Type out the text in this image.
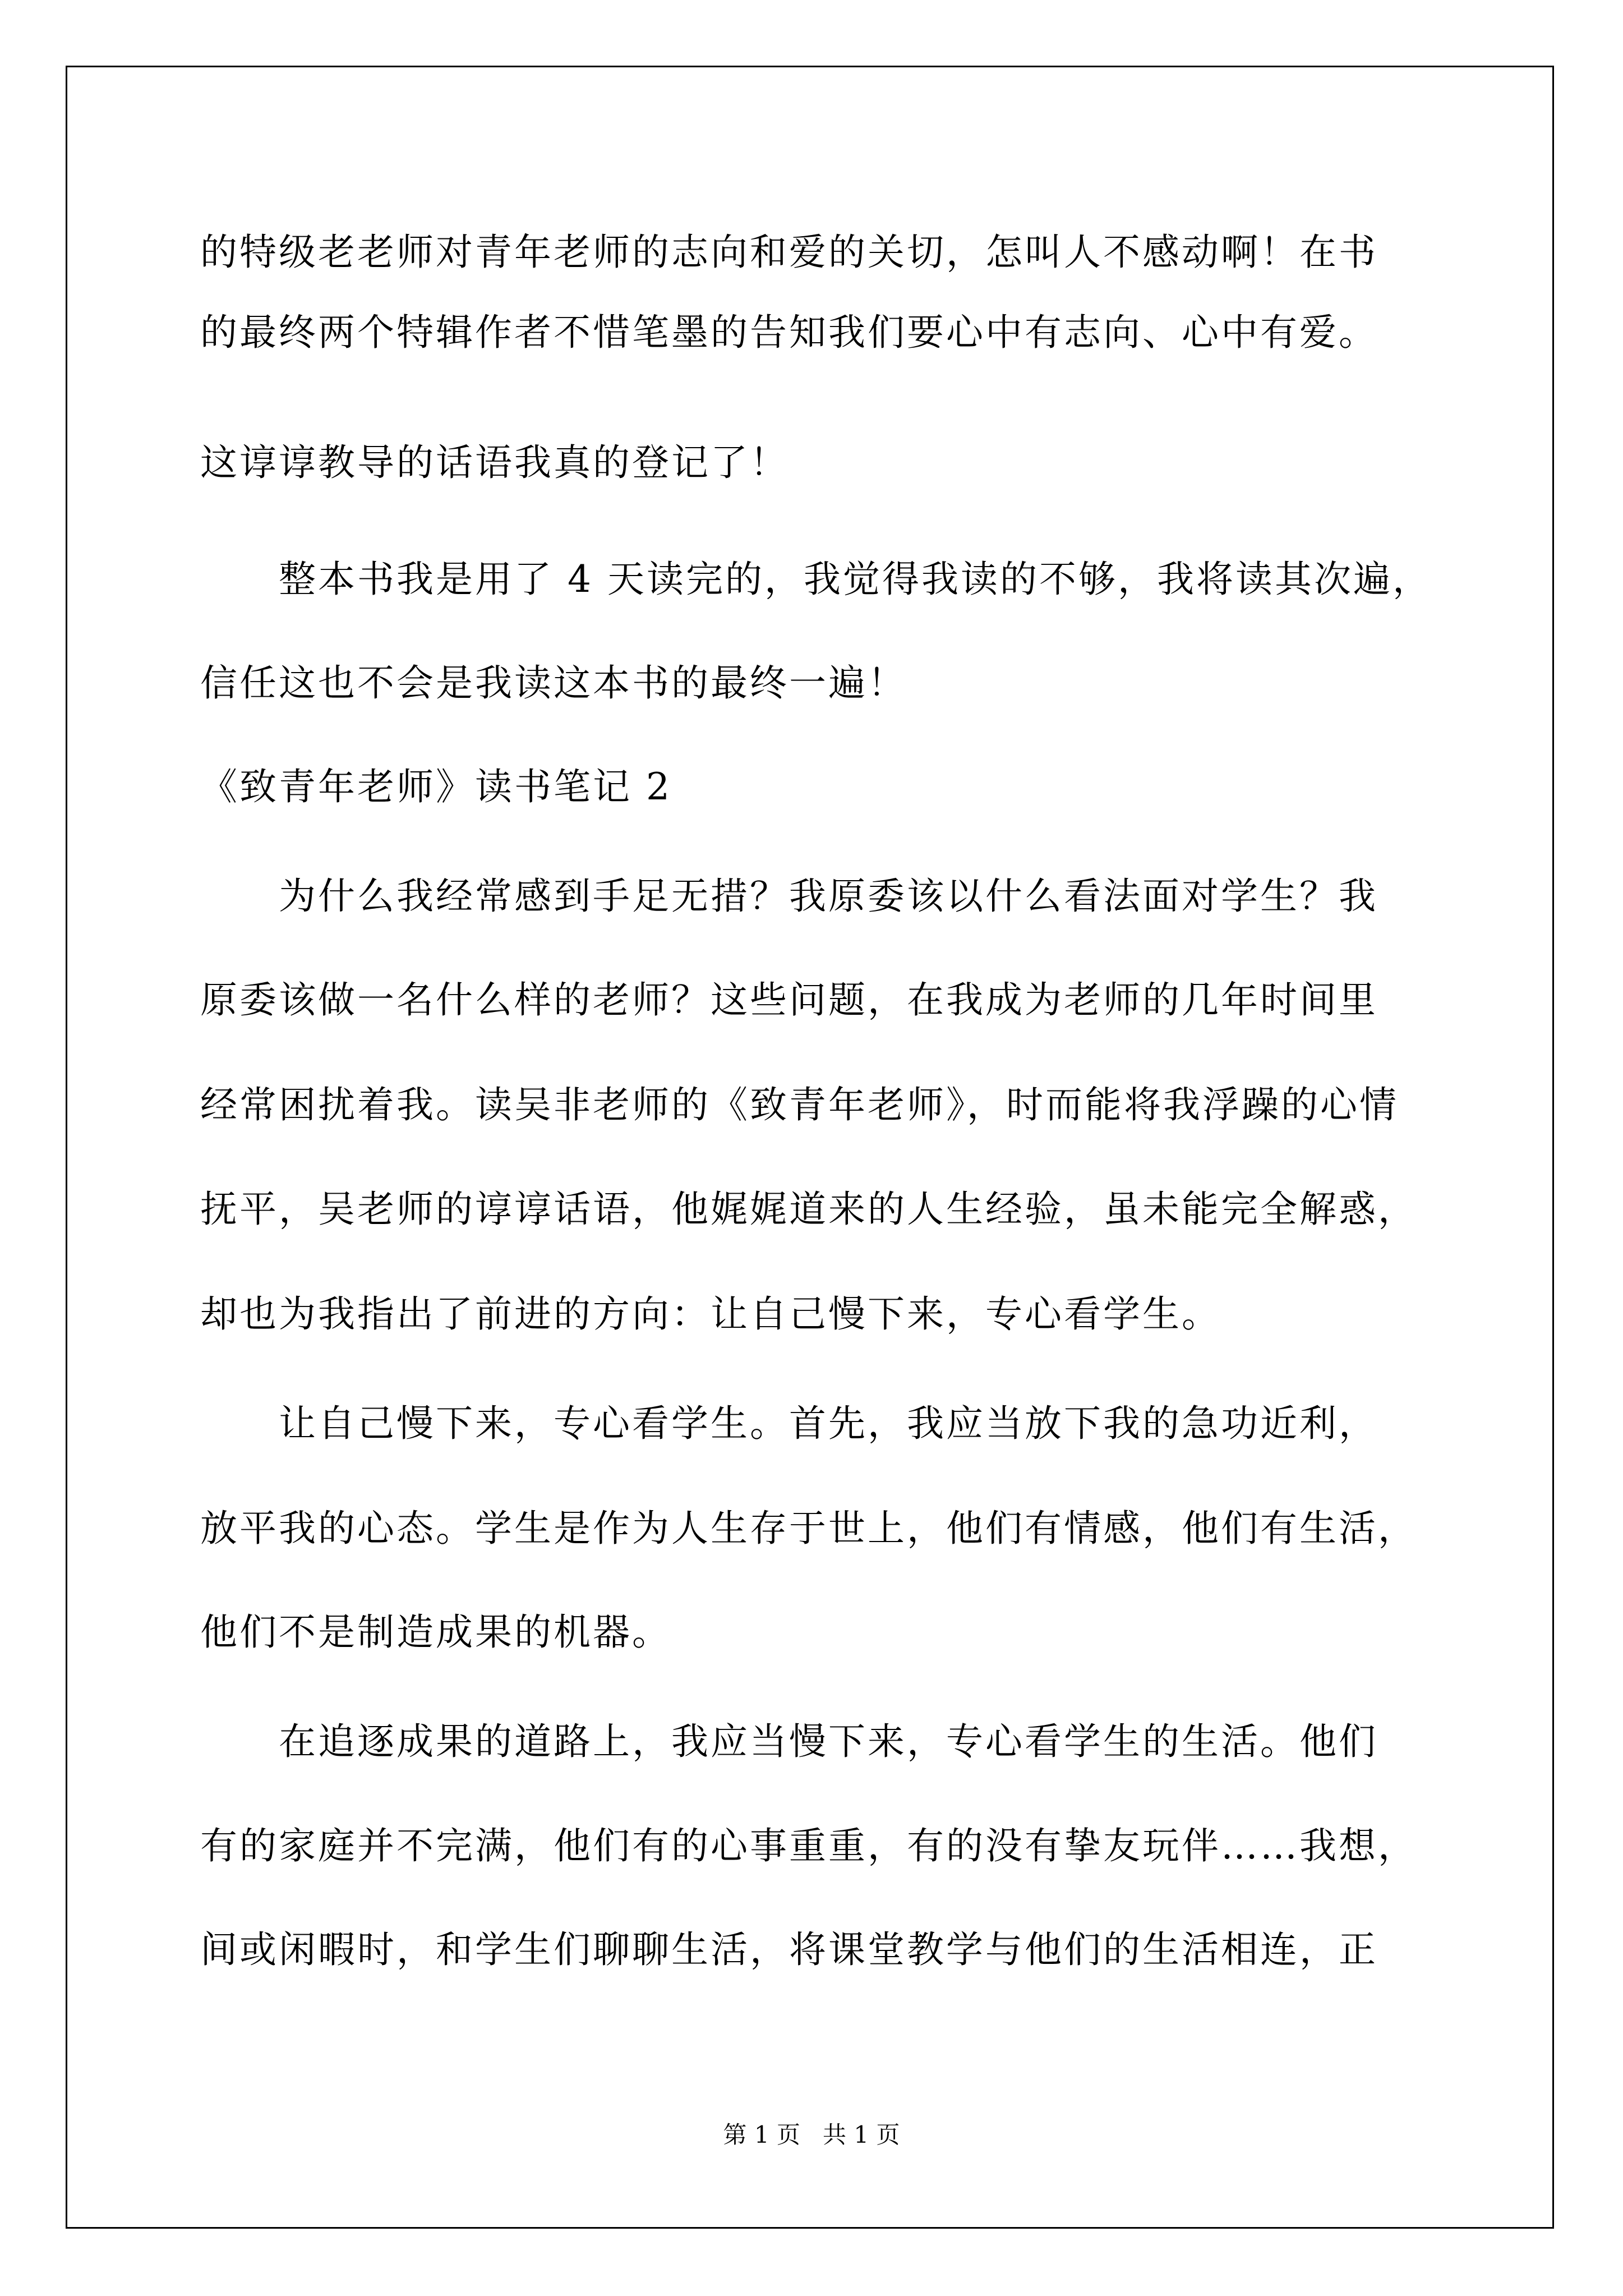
的特级老老师对青年老师的志向和爱的关切，怎叫人不感动啊！在书
的最终两个特辑作者不惜笔墨的告知我们要心中有志向、心中有爱。
这谆谆教导的话语我真的登记了！
整本书我是用了 4 天读完的，我觉得我读的不够，我将读其次遍，
信任这也不会是我读这本书的最终一遍！
《致青年老师》读书笔记 2
为什么我经常感到手足无措？我原委该以什么看法面对学生？我
原委该做一名什么样的老师？这些问题，在我成为老师的几年时间里
经常困扰着我。读吴非老师的《致青年老师》，时而能将我浮躁的心情
抚平，吴老师的谆谆话语，他娓娓道来的人生经验，虽未能完全解惑，
却也为我指出了前进的方向：让自己慢下来，专心看学生。
让自己慢下来，专心看学生。首先，我应当放下我的急功近利，
放平我的心态。学生是作为人生存于世上，他们有情感，他们有生活，
他们不是制造成果的机器。
在追逐成果的道路上，我应当慢下来，专心看学生的生活。他们
有的家庭并不完满，他们有的心事重重，有的没有挚友玩伴……我想，
间或闲暇时，和学生们聊聊生活，将课堂教学与他们的生活相连，正
第 1 页   共 1 页
